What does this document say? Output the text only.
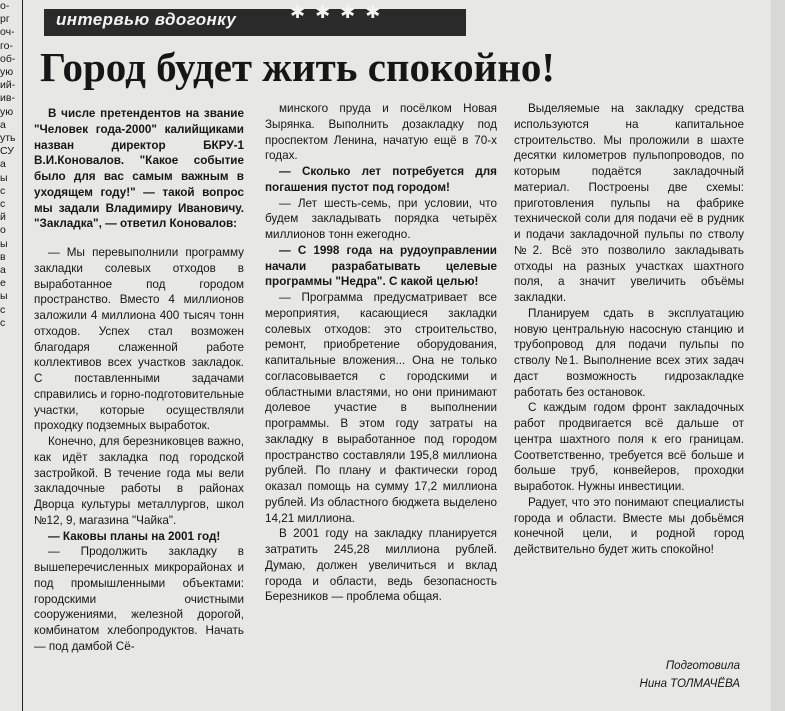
о-
рг
оч-
го-
об-
ую
ий-
ив-
ую
а
уть
СУ
а
ы
с
с
й
о
ы
в
а
е
ы
с
с
интервью вдогонку	✱✱✱✱
Город будет жить спокойно!

В числе претендентов на звание "Человек года-2000" калийщиками назван директор БКРУ-1 В.И.Коновалов. "Какое событие было для вас самым важным в уходящем году!" — такой вопрос мы задали Владимиру Ивановичу. "Закладка", — ответил Коновалов:

— Мы перевыполнили программу закладки солевых отходов в выработанное под городом пространство. Вместо 4 миллионов заложили 4 миллиона 400 тысяч тонн отходов. Успех стал возможен благодаря слаженной работе коллективов всех участков закладок. С поставленными задачами справились и горно-подготовительные участки, которые осуществляли проходку подземных выработок.

Конечно, для березниковцев важно, как идёт закладка под городской застройкой. В течение года мы вели закладочные работы в районах Дворца культуры металлургов, школ №12, 9, магазина "Чайка".

— Каковы планы на 2001 год!

— Продолжить закладку в вышеперечисленных микрорайонах и под промышленными объектами: городскими очистными сооружениями, железной дорогой, комбинатом хлебопродуктов. Начать — под дамбой Сё-

минского пруда и посёлком Новая Зырянка. Выполнить дозакладку под проспектом Ленина, начатую ещё в 70-х годах.

— Сколько лет потребуется для погашения пустот под городом!

— Лет шесть-семь, при условии, что будем закладывать порядка четырёх миллионов тонн ежегодно.

— С 1998 года на рудоуправлении начали разрабатывать целевые программы "Недра". С какой целью!

— Программа предусматривает все мероприятия, касающиеся закладки солевых отходов: это строительство, ремонт, приобретение оборудования, капитальные вложения... Она не только согласовывается с городскими и областными властями, но они принимают долевое участие в выполнении программы. В этом году затраты на закладку в выработанное под городом пространство составляли 195,8 миллиона рублей. По плану и фактически город оказал помощь на сумму 17,2 миллиона рублей. Из областного бюджета выделено 14,21 миллиона.

В 2001 году на закладку планируется затратить 245,28 миллиона рублей. Думаю, должен увеличиться и вклад города и области, ведь безопасность Березников — проблема общая.

Выделяемые на закладку средства используются на капитальное строительство. Мы проложили в шахте десятки километров пульпопроводов, по которым подаётся закладочный материал. Построены две схемы: приготовления пульпы на фабрике технической соли для подачи её в рудник и подачи закладочной пульпы по стволу №2. Всё это позволило закладывать отходы на разных участках шахтного поля, а значит увеличить объёмы закладки.

Планируем сдать в эксплуатацию новую центральную насосную станцию и трубопровод для подачи пульпы по стволу №1. Выполнение всех этих задач даст возможность гидрозакладке работать без остановок.

С каждым годом фронт закладочных работ продвигается всё дальше от центра шахтного поля к его границам. Соответственно, требуется всё больше и больше труб, конвейеров, проходки выработок. Нужны инвестиции.

Радует, что это понимают специалисты города и области. Вместе мы добьёмся конечной цели, и родной город действительно будет жить спокойно!

Подготовила
Нина ТОЛМАЧЁВА
